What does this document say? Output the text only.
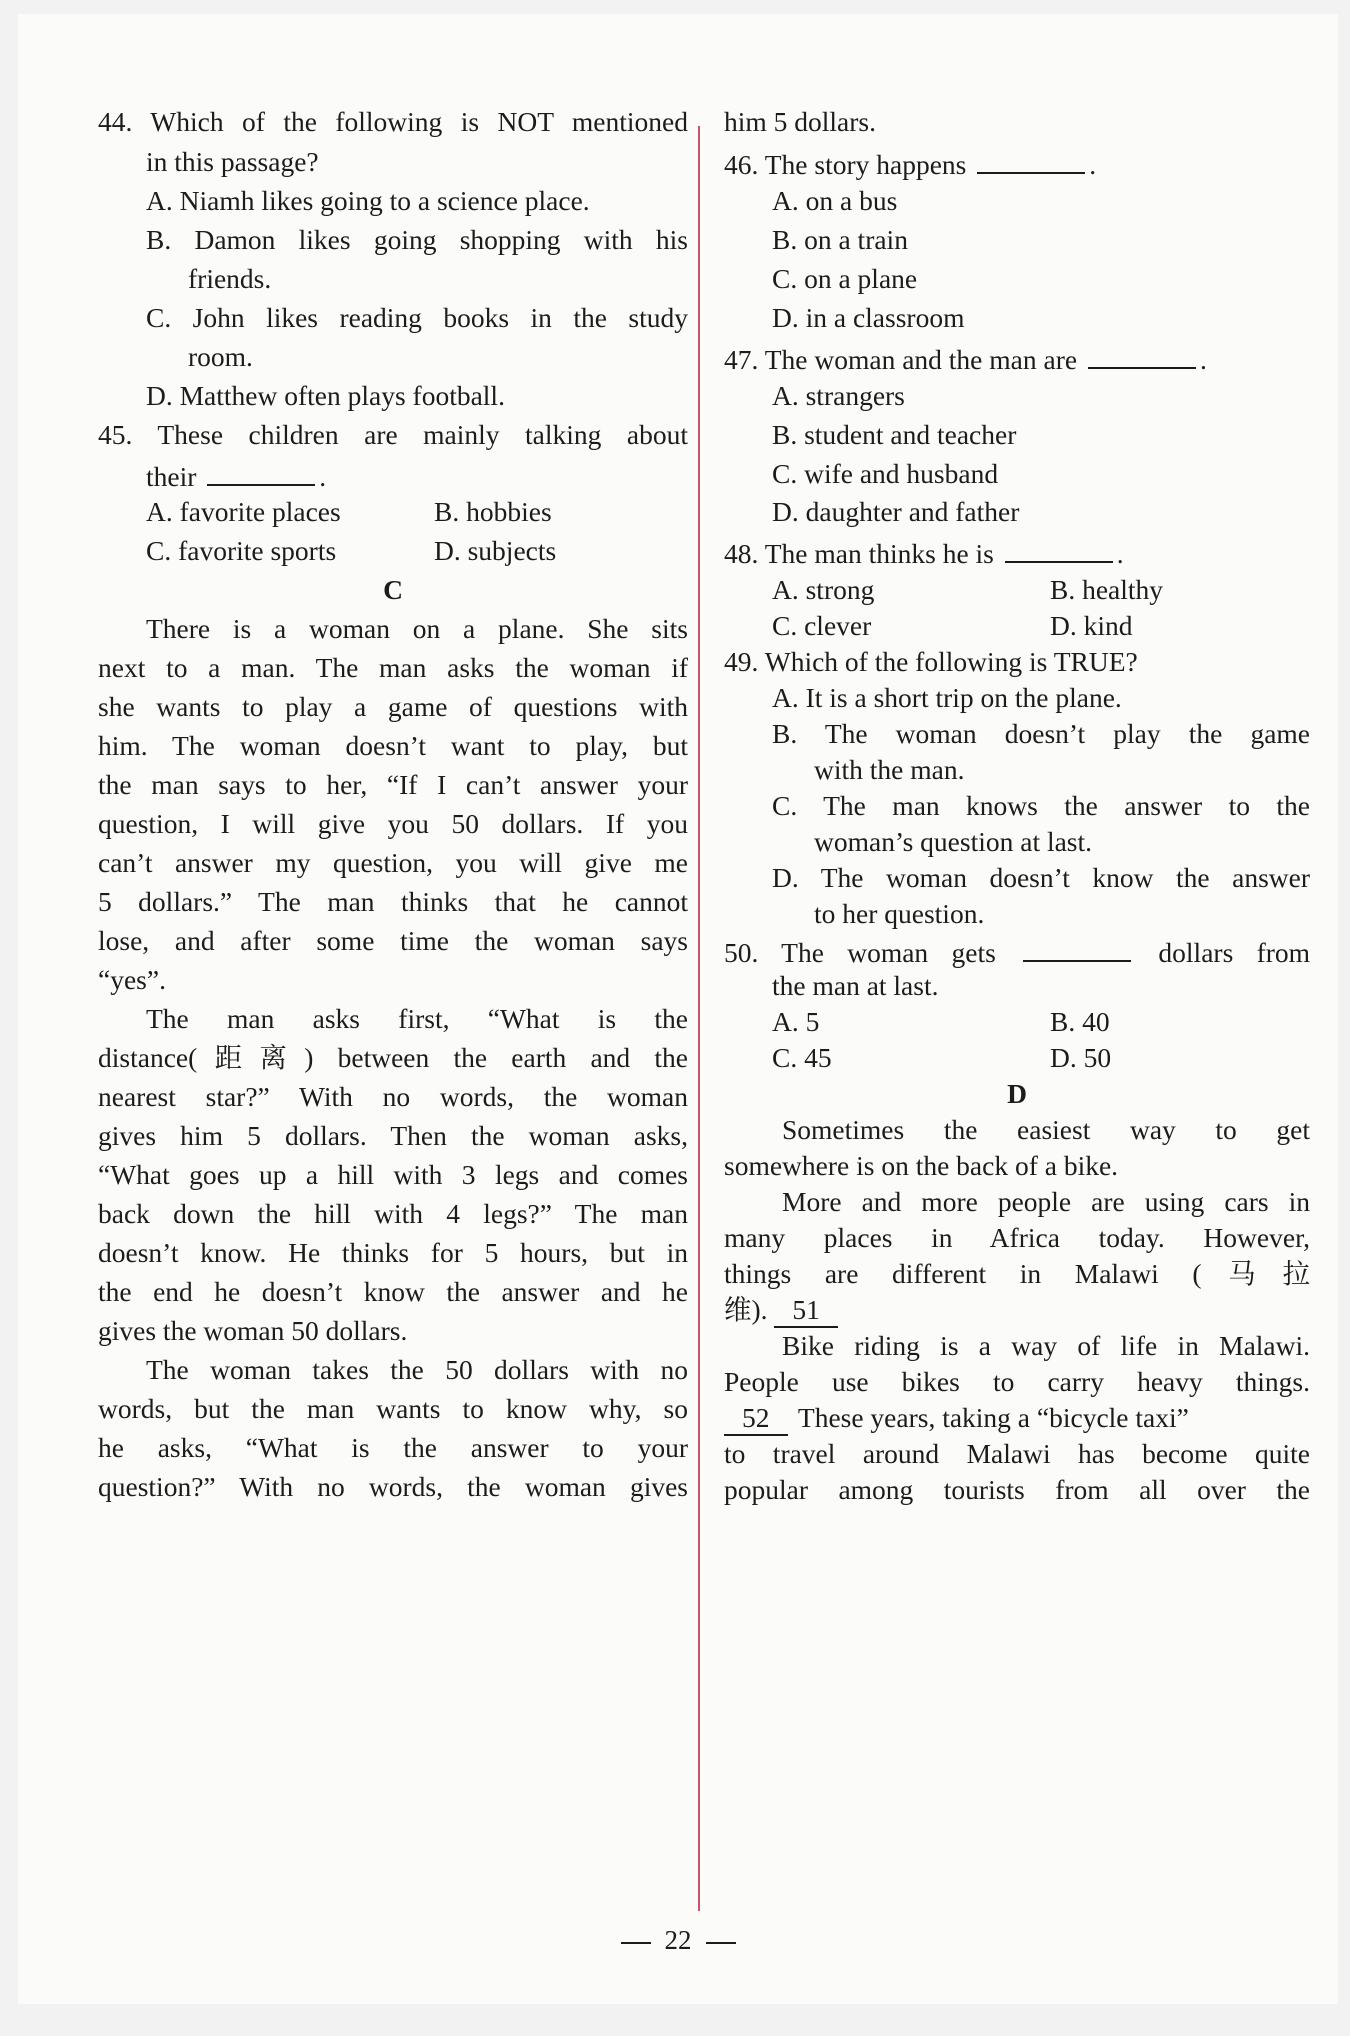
44. Which of the following is NOT mentioned
in this passage?
A. Niamh likes going to a science place.
B. Damon likes going shopping with his
friends.
C. John likes reading books in the study
room.
D. Matthew often plays football.
45. These children are mainly talking about
their	.
A. favorite places	B. hobbies
C. favorite sports	D. subjects
C
There is a woman on a plane. She sits
next to a man. The man asks the woman if
she wants to play a game of questions with
him. The woman doesn’t want to play, but
the man says to her, “If I can’t answer your
question, I will give you 50 dollars. If you
can’t answer my question, you will give me
5 dollars.” The man thinks that he cannot
lose, and after some time the woman says
“yes”.
The man asks first, “What is the
distance(距离) between the earth and the
nearest star?” With no words, the woman
gives him 5 dollars. Then the woman asks,
“What goes up a hill with 3 legs and comes
back down the hill with 4 legs?” The man
doesn’t know. He thinks for 5 hours, but in
the end he doesn’t know the answer and he
gives the woman 50 dollars.
The woman takes the 50 dollars with no
words, but the man wants to know why, so
he asks, “What is the answer to your
question?” With no words, the woman gives
him 5 dollars.
46. The story happens	.
A. on a bus
B. on a train
C. on a plane
D. in a classroom
47. The woman and the man are	.
A. strangers
B. student and teacher
C. wife and husband
D. daughter and father
48. The man thinks he is	.
A. strong	B. healthy
C. clever	D. kind
49. Which of the following is TRUE?
A. It is a short trip on the plane.
B. The woman doesn’t play the game
with the man.
C. The man knows the answer to the
woman’s question at last.
D. The woman doesn’t know the answer
to her question.
50. The woman gets	dollars from
the man at last.
A. 5	B. 40
C. 45	D. 50
D
Sometimes the easiest way to get
somewhere is on the back of a bike.
More and more people are using cars in
many places in Africa today. However,
things are different in Malawi (马拉
维). 51
Bike riding is a way of life in Malawi.
People use bikes to carry heavy things.
52 These years, taking a “bicycle taxi”
to travel around Malawi has become quite
popular among tourists from all over the
22
